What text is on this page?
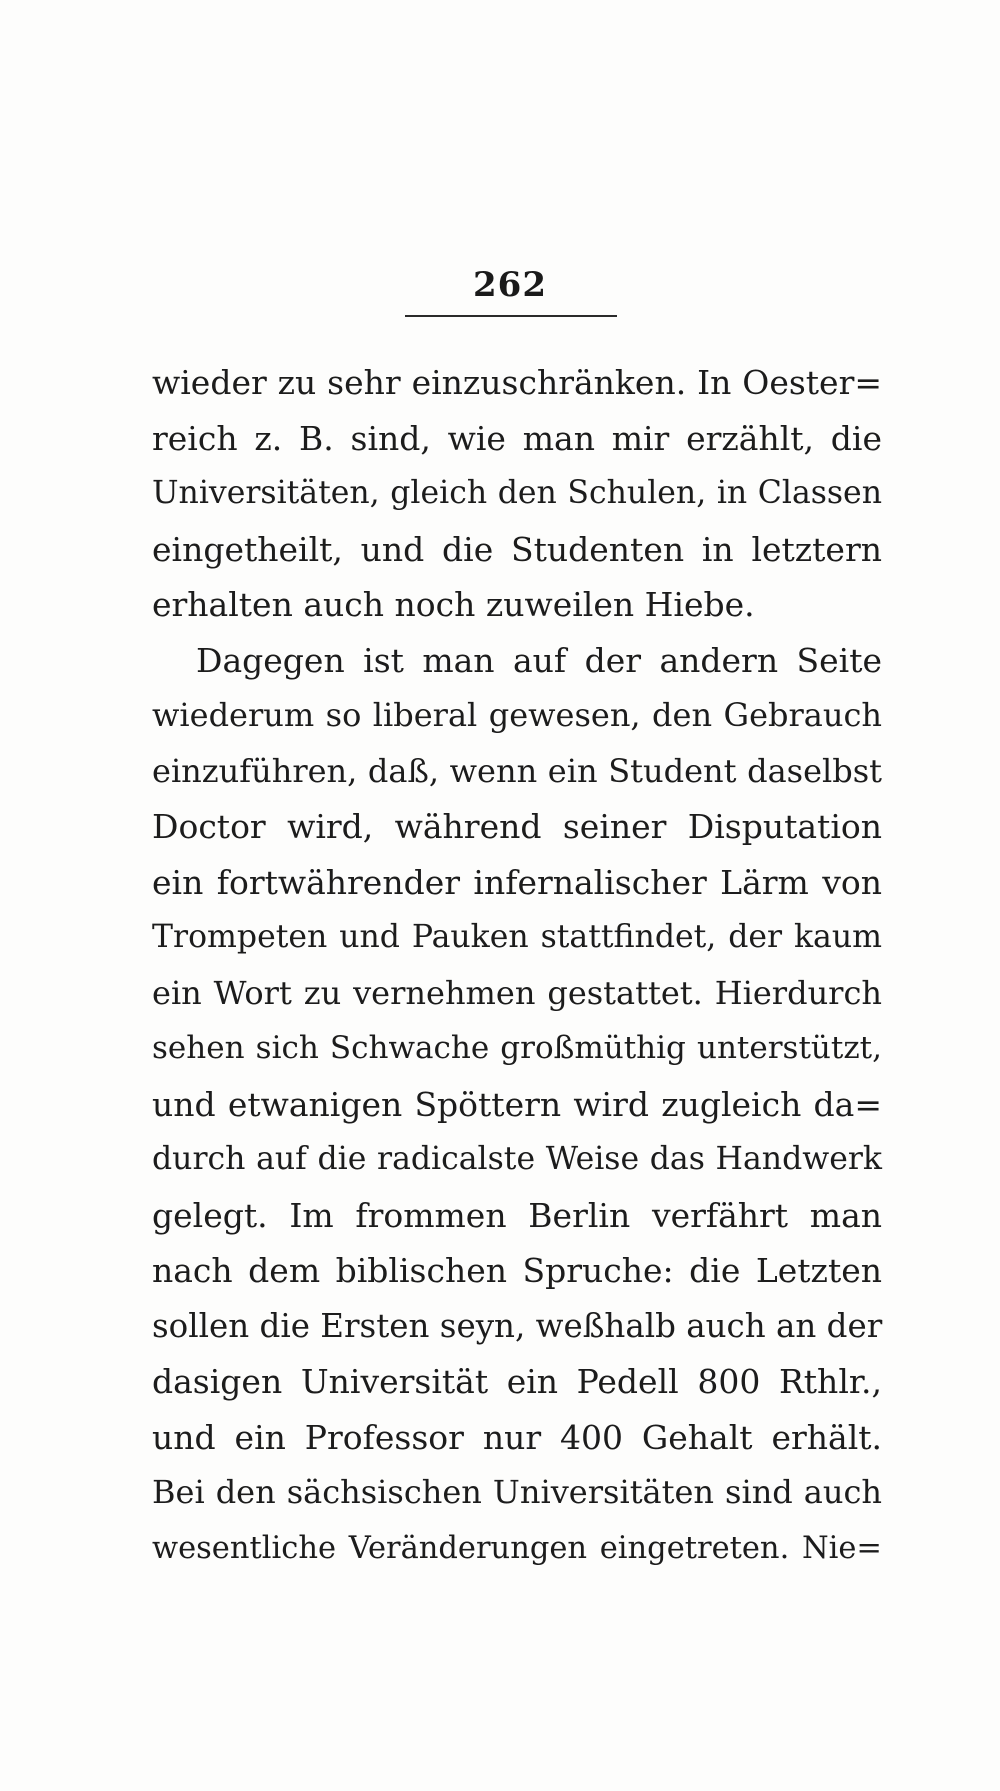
262
wieder zu sehr einzuschränken. In Oester=
reich z. B. sind, wie man mir erzählt, die
Universitäten, gleich den Schulen, in Classen
eingetheilt, und die Studenten in letztern
erhalten auch noch zuweilen Hiebe.
Dagegen ist man auf der andern Seite
wiederum so liberal gewesen, den Gebrauch
einzuführen, daß, wenn ein Student daselbst
Doctor wird, während seiner Disputation
ein fortwährender infernalischer Lärm von
Trompeten und Pauken stattfindet, der kaum
ein Wort zu vernehmen gestattet. Hierdurch
sehen sich Schwache großmüthig unterstützt,
und etwanigen Spöttern wird zugleich da=
durch auf die radicalste Weise das Handwerk
gelegt. Im frommen Berlin verfährt man
nach dem biblischen Spruche: die Letzten
sollen die Ersten seyn, weßhalb auch an der
dasigen Universität ein Pedell 800 Rthlr.,
und ein Professor nur 400 Gehalt erhält.
Bei den sächsischen Universitäten sind auch
wesentliche Veränderungen eingetreten. Nie=
